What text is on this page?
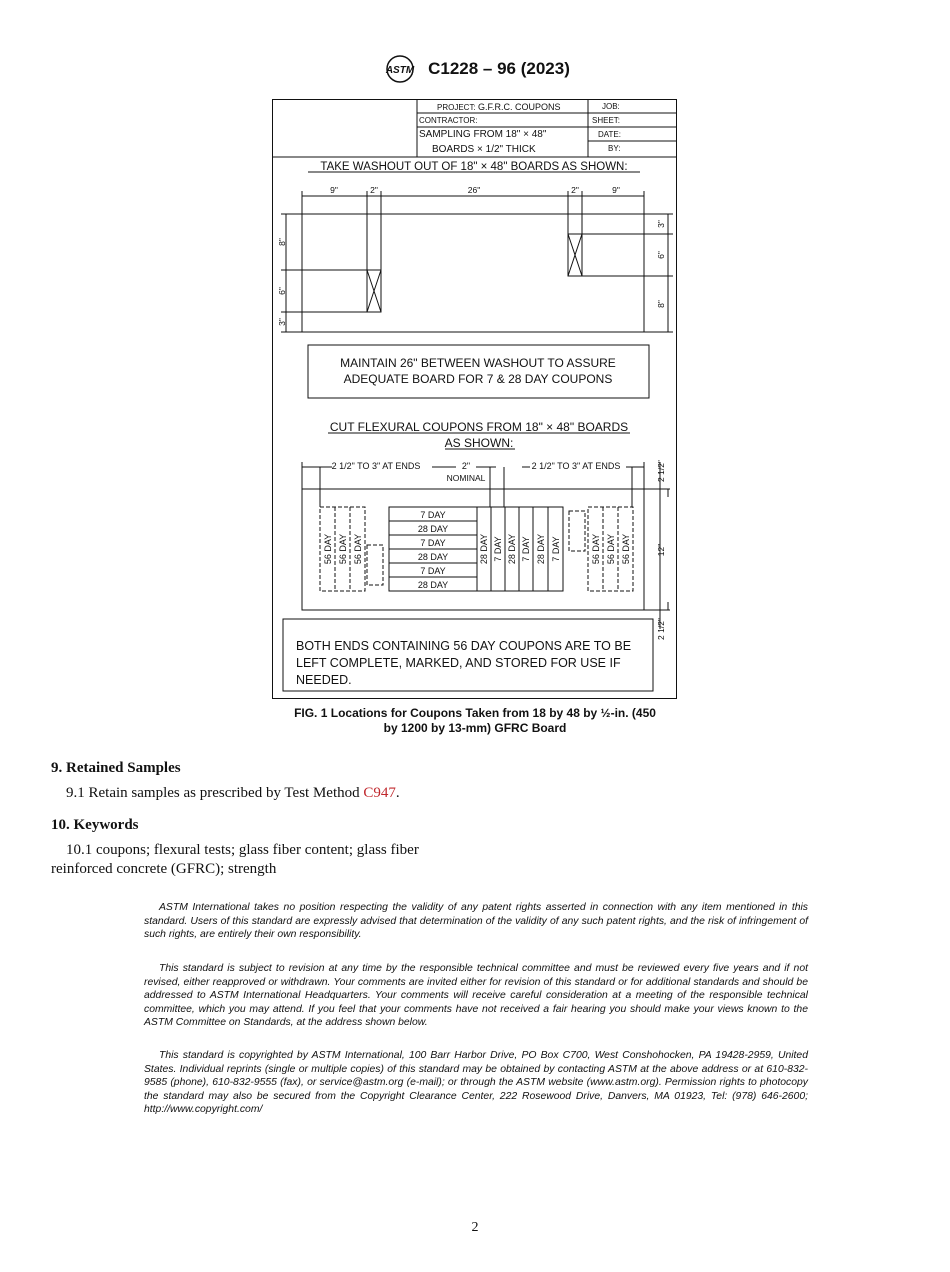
ASTM C1228 – 96 (2023)
PROJECT: G.F.R.C. COUPONS	JOB:
CONTRACTOR:	SHEET:
SAMPLING FROM 18" × 48"
BOARDS × 1/2" THICK
DATE:
BY:
TAKE WASHOUT OUT OF 18" × 48" BOARDS AS SHOWN:
9"	2"	26"	2"	9"
8"
6"
3"
3"
6"
8"
MAINTAIN 26" BETWEEN WASHOUT TO ASSURE
ADEQUATE BOARD FOR 7 & 28 DAY COUPONS
CUT FLEXURAL COUPONS FROM 18" × 48" BOARDS
AS SHOWN:
2 1/2" TO 3" AT ENDS	2"
NOMINAL
2 1/2" TO 3" AT ENDS	2 1/2"
12"
2 1/2"
7 DAY
28 DAY
7 DAY
28 DAY
7 DAY
28 DAY
28 DAY 7 DAY 28 DAY 7 DAY 28 DAY 7 DAY
56 DAY 56 DAY 56 DAY	56 DAY 56 DAY 56 DAY
BOTH ENDS CONTAINING 56 DAY COUPONS ARE TO BE
LEFT COMPLETE, MARKED, AND STORED FOR USE IF
NEEDED.
FIG. 1 Locations for Coupons Taken from 18 by 48 by ½-in. (450
by 1200 by 13-mm) GFRC Board
9. Retained Samples
9.1 Retain samples as prescribed by Test Method C947.
10. Keywords
10.1 coupons; flexural tests; glass fiber content; glass fiber
reinforced concrete (GFRC); strength
ASTM International takes no position respecting the validity of any patent rights asserted in connection with any item mentioned in this standard. Users of this standard are expressly advised that determination of the validity of any such patent rights, and the risk of infringement of such rights, are entirely their own responsibility.
This standard is subject to revision at any time by the responsible technical committee and must be reviewed every five years and if not revised, either reapproved or withdrawn. Your comments are invited either for revision of this standard or for additional standards and should be addressed to ASTM International Headquarters. Your comments will receive careful consideration at a meeting of the responsible technical committee, which you may attend. If you feel that your comments have not received a fair hearing you should make your views known to the ASTM Committee on Standards, at the address shown below.
This standard is copyrighted by ASTM International, 100 Barr Harbor Drive, PO Box C700, West Conshohocken, PA 19428-2959, United States. Individual reprints (single or multiple copies) of this standard may be obtained by contacting ASTM at the above address or at 610-832-9585 (phone), 610-832-9555 (fax), or service@astm.org (e-mail); or through the ASTM website (www.astm.org). Permission rights to photocopy the standard may also be secured from the Copyright Clearance Center, 222 Rosewood Drive, Danvers, MA 01923, Tel: (978) 646-2600; http://www.copyright.com/
2
